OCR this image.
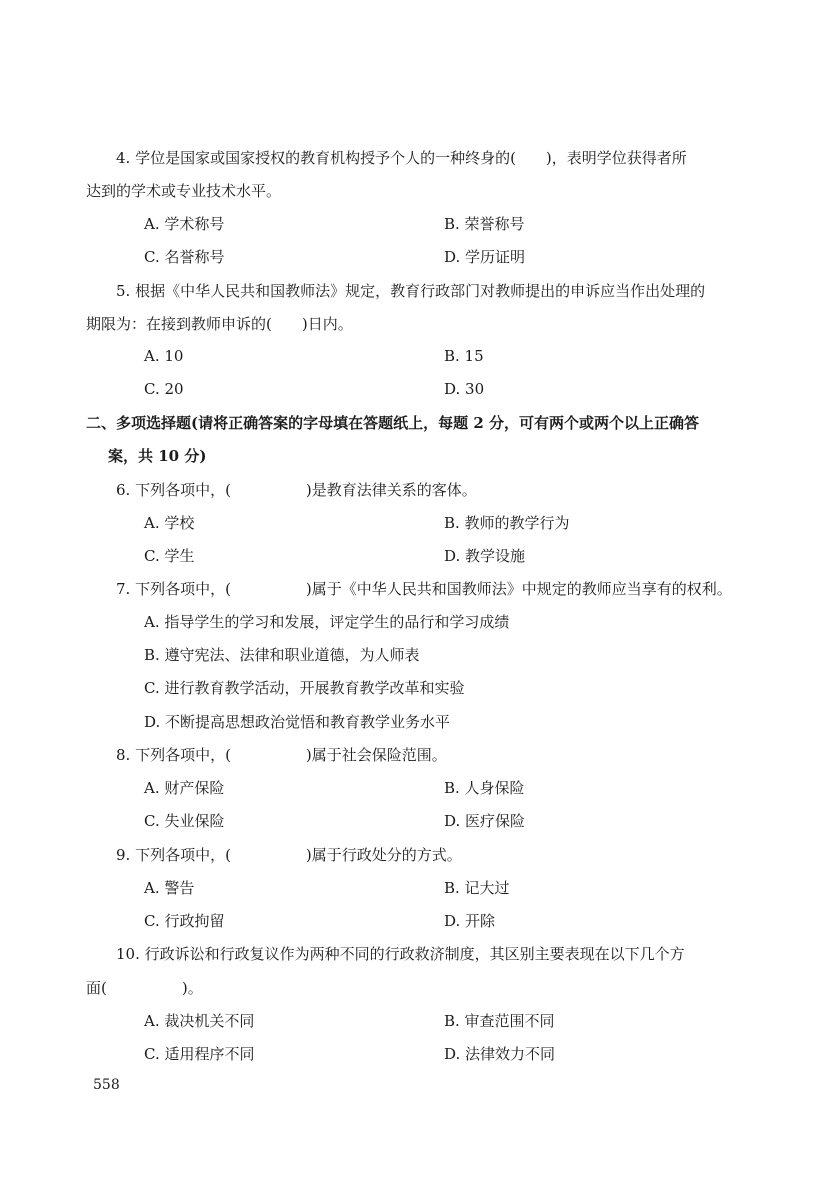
4. 学位是国家或国家授权的教育机构授予个人的一种终身的(　　)，表明学位获得者所
达到的学术或专业技术水平。
A. 学术称号	B. 荣誉称号
C. 名誉称号	D. 学历证明
5. 根据《中华人民共和国教师法》规定，教育行政部门对教师提出的申诉应当作出处理的
期限为：在接到教师申诉的(　　)日内。
A. 10	B. 15
C. 20	D. 30
二、多项选择题(请将正确答案的字母填在答题纸上，每题 2 分，可有两个或两个以上正确答
案，共 10 分)
6. 下列各项中，(　　　　　)是教育法律关系的客体。
A. 学校	B. 教师的教学行为
C. 学生	D. 教学设施
7. 下列各项中，(　　　　　)属于《中华人民共和国教师法》中规定的教师应当享有的权利。
A. 指导学生的学习和发展，评定学生的品行和学习成绩
B. 遵守宪法、法律和职业道德，为人师表
C. 进行教育教学活动，开展教育教学改革和实验
D. 不断提高思想政治觉悟和教育教学业务水平
8. 下列各项中，(　　　　　)属于社会保险范围。
A. 财产保险	B. 人身保险
C. 失业保险	D. 医疗保险
9. 下列各项中，(　　　　　)属于行政处分的方式。
A. 警告	B. 记大过
C. 行政拘留	D. 开除
10. 行政诉讼和行政复议作为两种不同的行政救济制度，其区别主要表现在以下几个方
面(　　　　　)。
A. 裁决机关不同	B. 审查范围不同
C. 适用程序不同	D. 法律效力不同
558
